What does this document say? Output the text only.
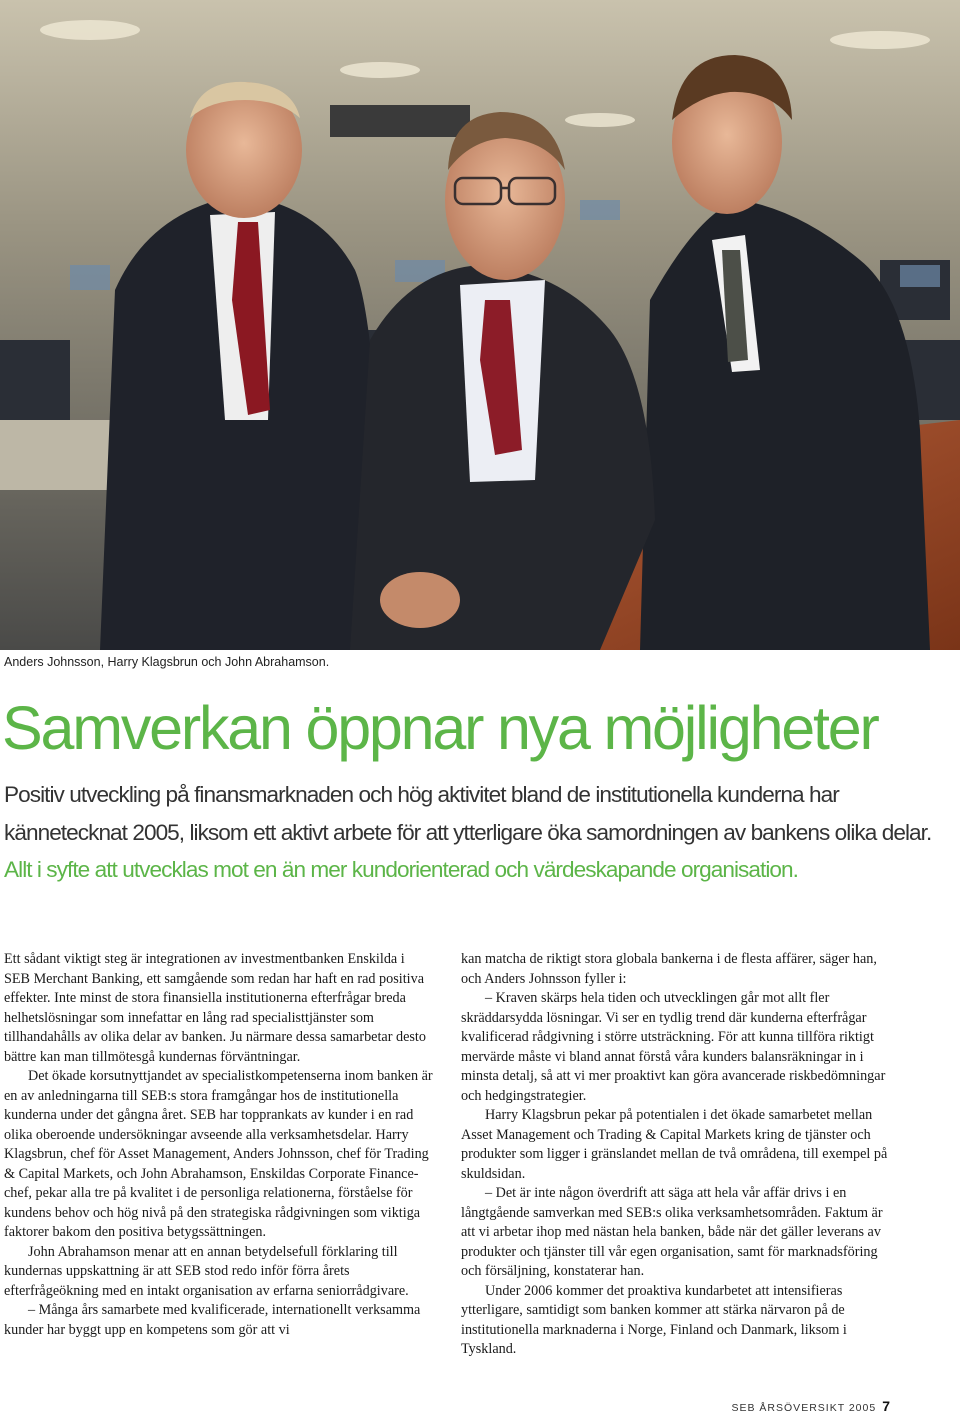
Anders Johnsson, Harry Klagsbrun och John Abrahamson.
Samverkan öppnar nya möjligheter

Positiv utveckling på finansmarknaden och hög aktivitet bland de institutionella kunderna har kännetecknat 2005, liksom ett aktivt arbete för att ytterligare öka samordningen av bankens olika delar. Allt i syfte att utvecklas mot en än mer kundorienterad och värdeskapande organisation.

Ett sådant viktigt steg är integrationen av investmentbanken Enskilda i SEB Merchant Banking, ett samgående som redan har haft en rad positiva effekter. Inte minst de stora finansiella institutionerna efterfrågar breda helhetslösningar som innefattar en lång rad specialisttjänster som tillhandahålls av olika delar av banken. Ju närmare dessa samarbetar desto bättre kan man tillmötesgå kundernas förväntningar.

Det ökade korsutnyttjandet av specialistkompetenserna inom banken är en av anledningarna till SEB:s stora framgångar hos de institutionella kunderna under det gångna året. SEB har topprankats av kunder i en rad olika oberoende undersökningar avseende alla verksamhetsdelar. Harry Klagsbrun, chef för Asset Management, Anders Johnsson, chef för Trading & Capital Markets, och John Abrahamson, Enskildas Corporate Finance-chef, pekar alla tre på kvalitet i de personliga relationerna, förståelse för kundens behov och hög nivå på den strategiska rådgivningen som viktiga faktorer bakom den positiva betygssättningen.

John Abrahamson menar att en annan betydelsefull förklaring till kundernas uppskattning är att SEB stod redo inför förra årets efterfrågeökning med en intakt organisation av erfarna seniorrådgivare.

– Många års samarbete med kvalificerade, internationellt verksamma kunder har byggt upp en kompetens som gör att vi

kan matcha de riktigt stora globala bankerna i de flesta affärer, säger han, och Anders Johnsson fyller i:

– Kraven skärps hela tiden och utvecklingen går mot allt fler skräddarsydda lösningar. Vi ser en tydlig trend där kunderna efterfrågar kvalificerad rådgivning i större utsträckning. För att kunna tillföra riktigt mervärde måste vi bland annat förstå våra kunders balansräkningar in i minsta detalj, så att vi mer proaktivt kan göra avancerade riskbedömningar och hedgingstrategier.

Harry Klagsbrun pekar på potentialen i det ökade samarbetet mellan Asset Management och Trading & Capital Markets kring de tjänster och produkter som ligger i gränslandet mellan de två områdena, till exempel på skuldsidan.

– Det är inte någon överdrift att säga att hela vår affär drivs i en långtgående samverkan med SEB:s olika verksamhetsområden. Faktum är att vi arbetar ihop med nästan hela banken, både när det gäller leverans av produkter och tjänster till vår egen organisation, samt för marknadsföring och försäljning, konstaterar han.

Under 2006 kommer det proaktiva kundarbetet att intensifieras ytterligare, samtidigt som banken kommer att stärka närvaron på de institutionella marknaderna i Norge, Finland och Danmark, liksom i Tyskland.

SEB ÅRSÖVERSIKT 2005 7
